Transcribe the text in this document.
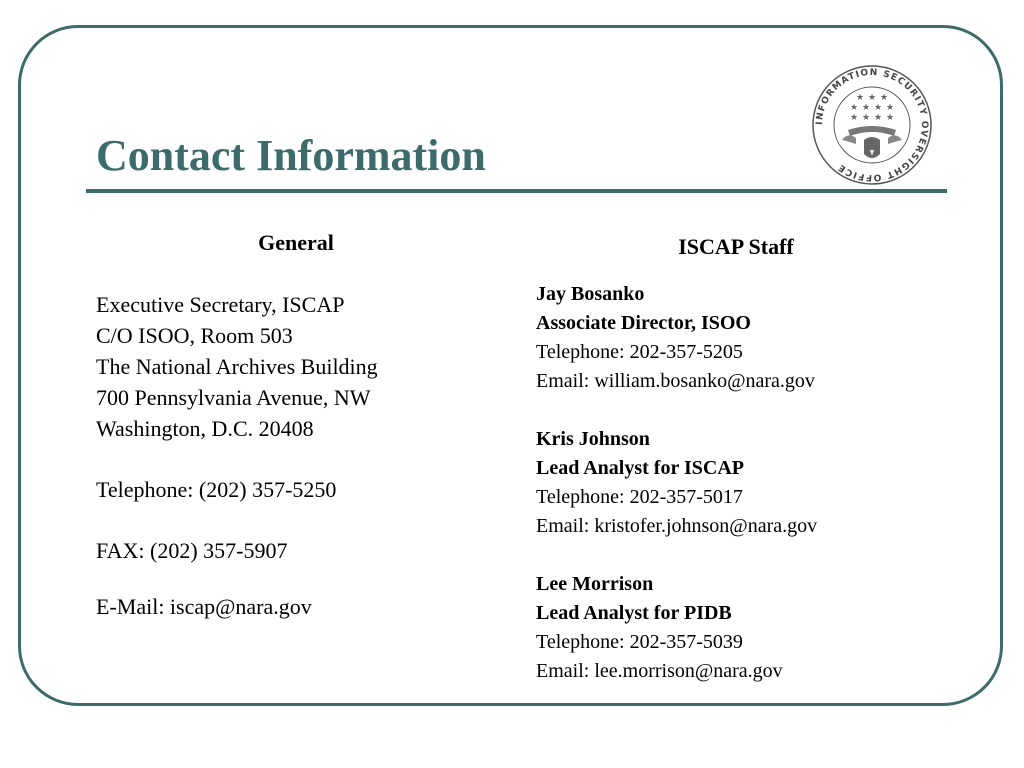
Contact Information
INFORMATION SECURITY OVERSIGHT OFFICE
★ ★ ★
★ ★ ★ ★
★ ★ ★ ★
General
Executive Secretary, ISCAP
C/O ISOO, Room 503
The National Archives Building
700 Pennsylvania Avenue, NW
Washington, D.C. 20408
Telephone: (202) 357-5250
FAX: (202) 357-5907
E-Mail: iscap@nara.gov
ISCAP Staff
Jay Bosanko
Associate Director, ISOO
Telephone: 202-357-5205
Email: william.bosanko@nara.gov
Kris Johnson
Lead Analyst for ISCAP
Telephone: 202-357-5017
Email: kristofer.johnson@nara.gov
Lee Morrison
Lead Analyst for PIDB
Telephone: 202-357-5039
Email: lee.morrison@nara.gov
